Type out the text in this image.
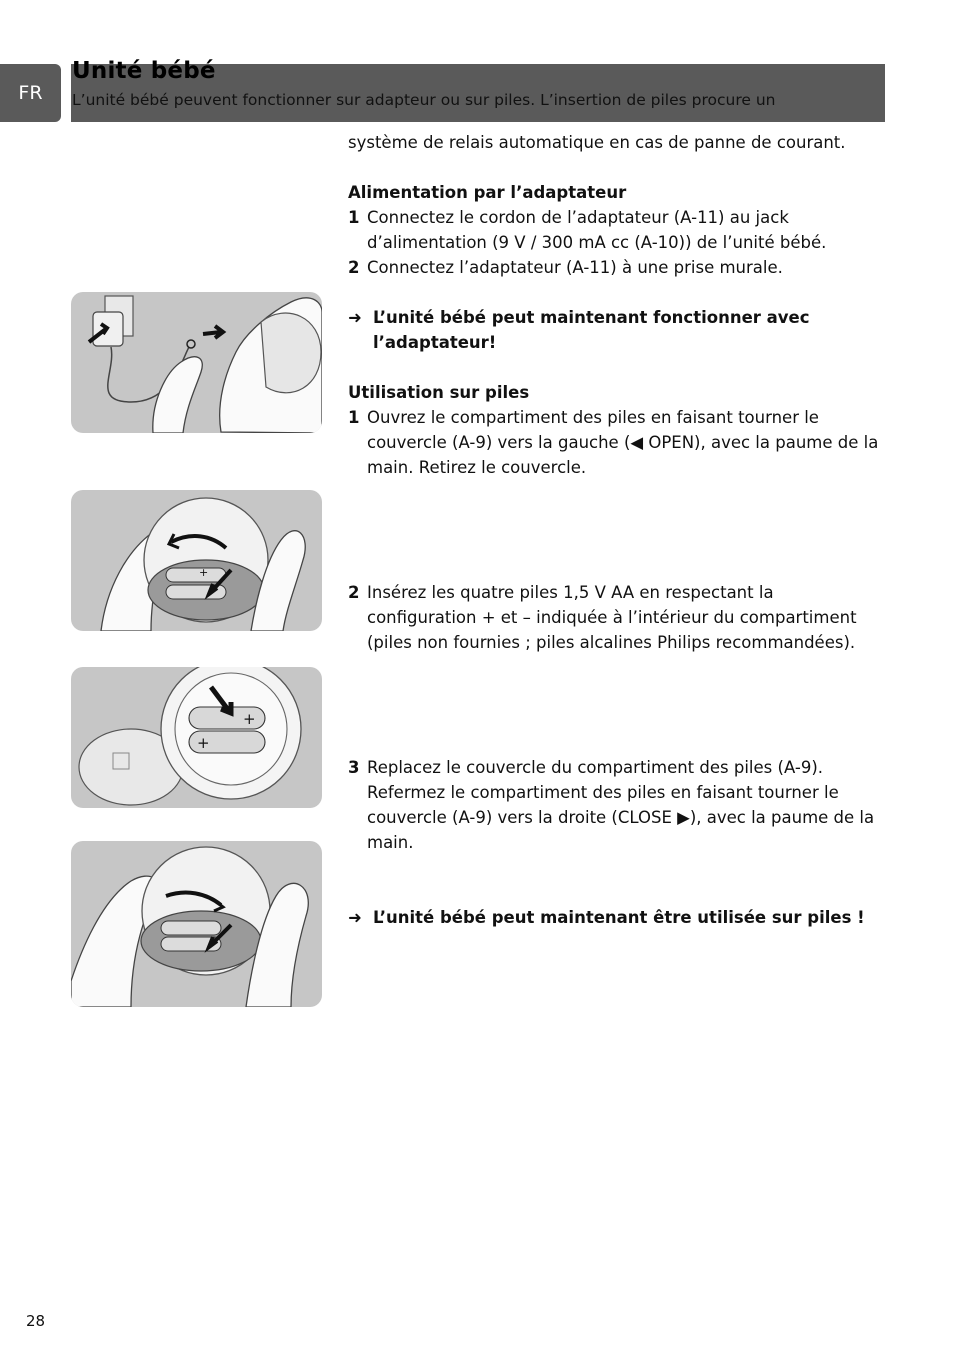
FR
Unité bébé
L’unité bébé peuvent fonctionner sur adapteur ou sur piles. L’insertion de piles procure un

système de relais automatique en cas de panne de courant.

Alimentation par l’adaptateur

1 Connectez le cordon de l’adaptateur (A-11) au jack d’alimentation (9 V / 300 mA cc (A-10)) de l’unité bébé.
2 Connectez l’adaptateur (A-11) à une prise murale.
➜ L’unité bébé peut maintenant fonctionner avec l’adaptateur!

Utilisation sur piles

1 Ouvrez le compartiment des piles en faisant tourner le couvercle (A-9) vers la gauche (◀ OPEN), avec la paume de la main. Retirez le couvercle.
2 Insérez les quatre piles 1,5 V AA en respectant la configuration + et – indiquée à l’intérieur du compartiment (piles non fournies ; piles alcalines Philips recommandées).
3 Replacez le couvercle du compartiment des piles (A-9). Refermez le compartiment des piles en faisant tourner le couvercle (A-9) vers la droite (CLOSE ▶), avec la paume de la main.
➜ L’unité bébé peut maintenant être utilisée sur piles !
+
+
+
28
